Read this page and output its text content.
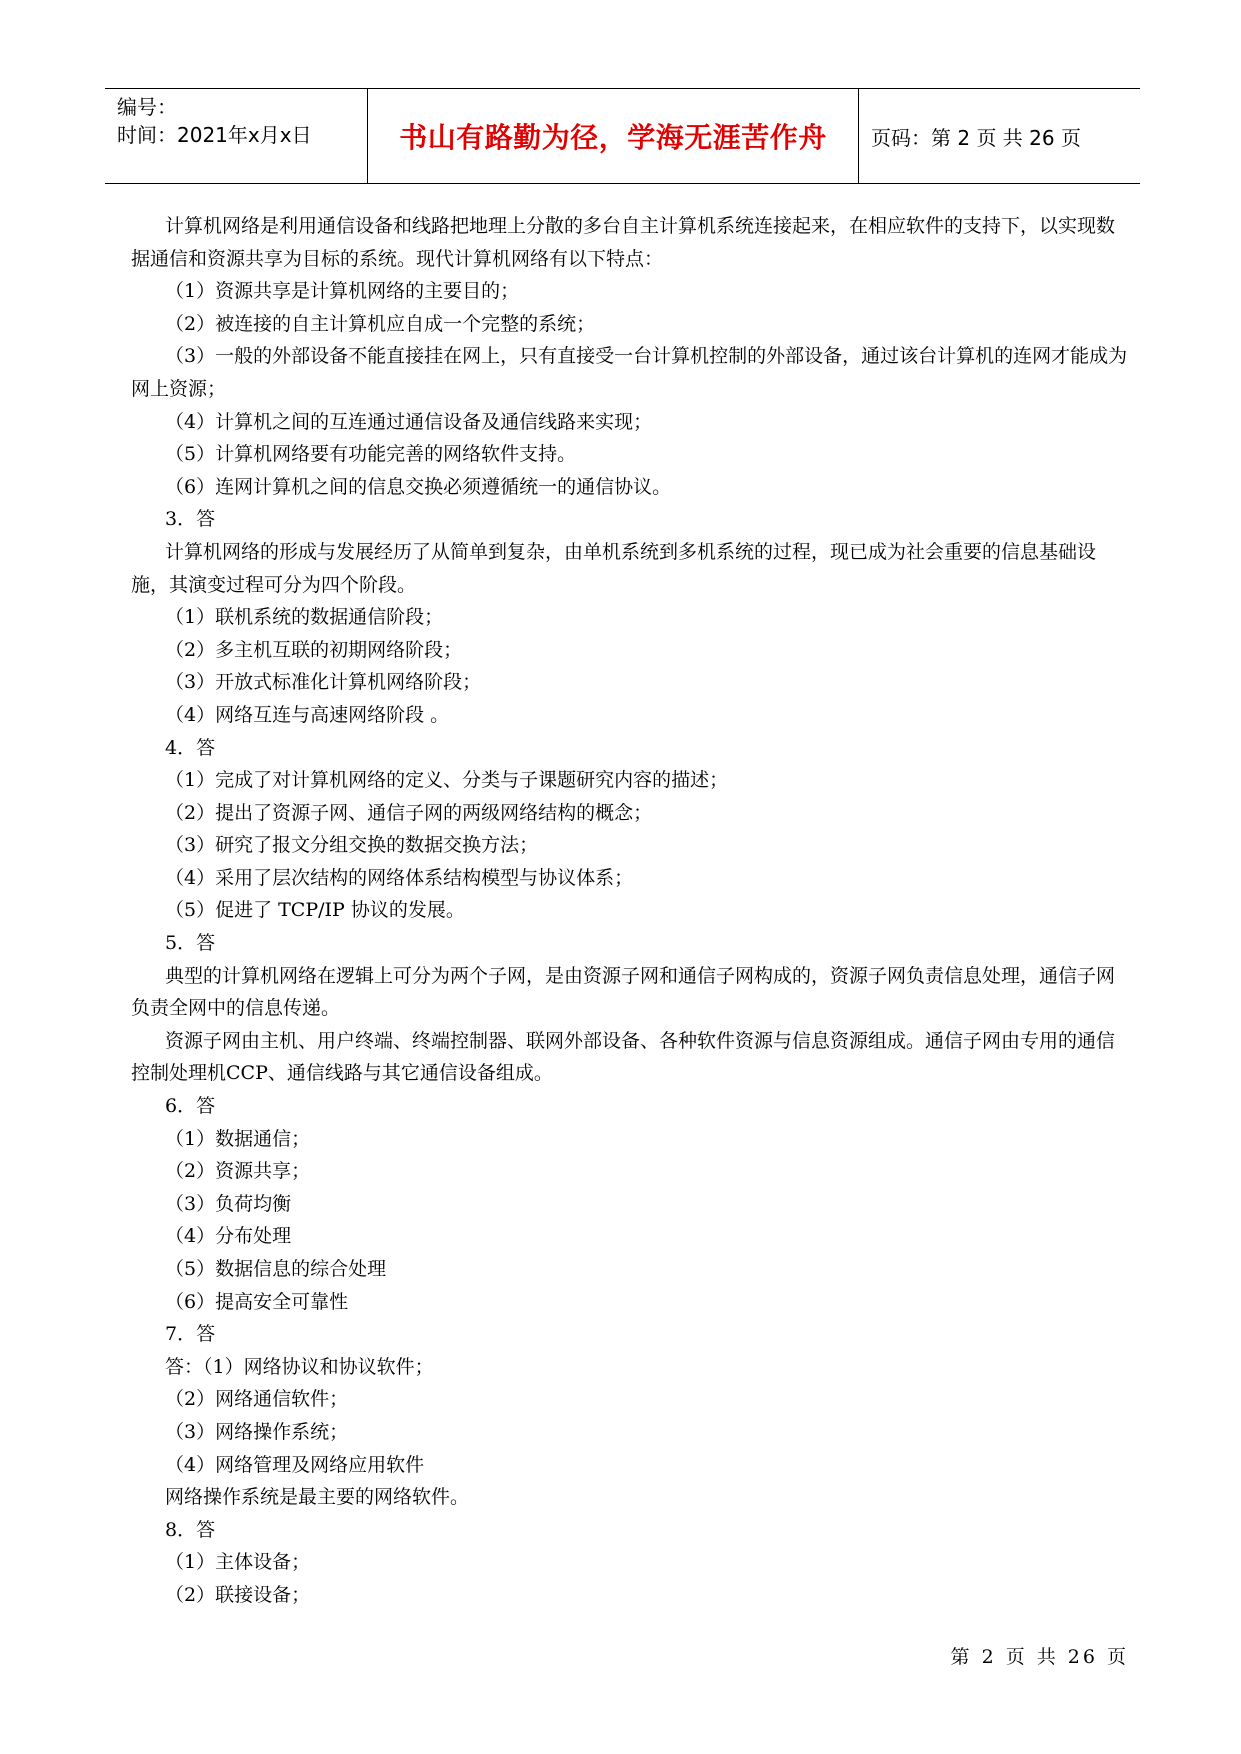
编号：
时间：2021年x月x日	书山有路勤为径，学海无涯苦作舟	页码：第 2 页 共 26 页

计算机网络是利用通信设备和线路把地理上分散的多台自主计算机系统连接起来，在相应软件的支持下，以实现数据通信和资源共享为目标的系统。现代计算机网络有以下特点：

（1）资源共享是计算机网络的主要目的；

（2）被连接的自主计算机应自成一个完整的系统；

（3）一般的外部设备不能直接挂在网上，只有直接受一台计算机控制的外部设备，通过该台计算机的连网才能成为网上资源；

（4）计算机之间的互连通过通信设备及通信线路来实现；

（5）计算机网络要有功能完善的网络软件支持。

（6）连网计算机之间的信息交换必须遵循统一的通信协议。

3．答

计算机网络的形成与发展经历了从简单到复杂，由单机系统到多机系统的过程，现已成为社会重要的信息基础设施，其演变过程可分为四个阶段。

（1）联机系统的数据通信阶段；

（2）多主机互联的初期网络阶段；

（3）开放式标准化计算机网络阶段；

（4）网络互连与高速网络阶段 。

4．答

（1）完成了对计算机网络的定义、分类与子课题研究内容的描述；

（2）提出了资源子网、通信子网的两级网络结构的概念；

（3）研究了报文分组交换的数据交换方法；

（4）采用了层次结构的网络体系结构模型与协议体系；

（5）促进了 TCP/IP 协议的发展。

5．答

典型的计算机网络在逻辑上可分为两个子网，是由资源子网和通信子网构成的，资源子网负责信息处理，通信子网负责全网中的信息传递。

资源子网由主机、用户终端、终端控制器、联网外部设备、各种软件资源与信息资源组成。通信子网由专用的通信控制处理机CCP、通信线路与其它通信设备组成。

6．答

（1）数据通信；

（2）资源共享；

（3）负荷均衡

（4）分布处理

（5）数据信息的综合处理

（6）提高安全可靠性

7．答

答：（1）网络协议和协议软件；

（2）网络通信软件；

（3）网络操作系统；

（4）网络管理及网络应用软件

网络操作系统是最主要的网络软件。

8．答

（1）主体设备；

（2）联接设备；

第 2 页 共 26 页
